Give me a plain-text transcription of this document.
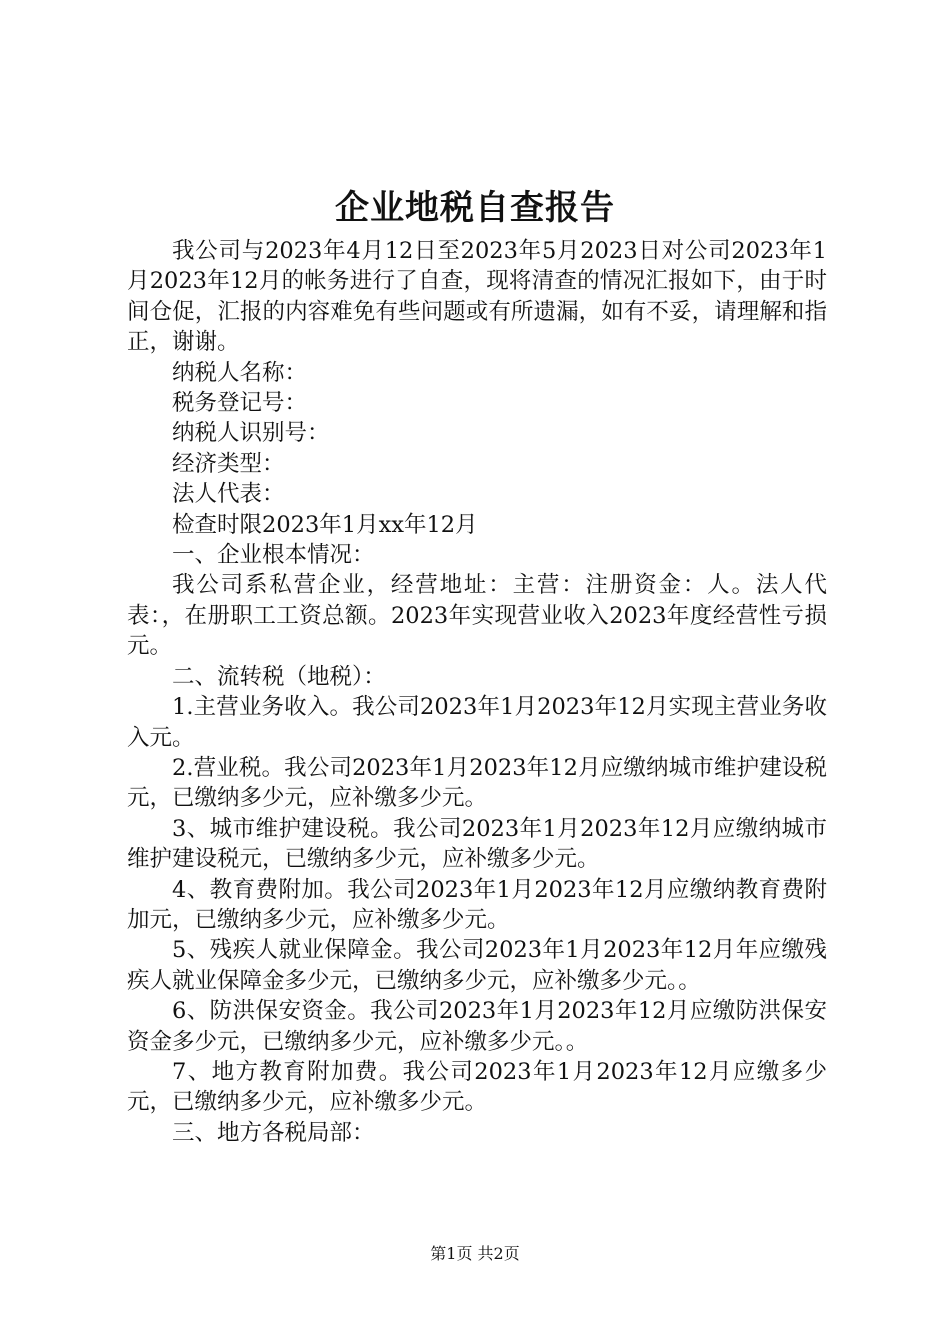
企业地税自查报告

我公司与2023年4月12日至2023年5月2023日对公司2023年1月2023年12月的帐务进行了自查，现将清查的情况汇报如下，由于时间仓促，汇报的内容难免有些问题或有所遗漏，如有不妥，请理解和指正，谢谢。

纳税人名称：

税务登记号：

纳税人识别号：

经济类型：

法人代表：

检查时限2023年1月xx年12月

一、企业根本情况：

我公司系私营企业，经营地址：主营：注册资金：人。法人代表：，在册职工工资总额。2023年实现营业收入2023年度经营性亏损元。

二、流转税（地税）：

1.主营业务收入。我公司2023年1月2023年12月实现主营业务收入元。

2.营业税。我公司2023年1月2023年12月应缴纳城市维护建设税元，已缴纳多少元，应补缴多少元。

3、城市维护建设税。我公司2023年1月2023年12月应缴纳城市维护建设税元，已缴纳多少元，应补缴多少元。

4、教育费附加。我公司2023年1月2023年12月应缴纳教育费附加元，已缴纳多少元，应补缴多少元。

5、残疾人就业保障金。我公司2023年1月2023年12月年应缴残疾人就业保障金多少元，已缴纳多少元，应补缴多少元。。

6、防洪保安资金。我公司2023年1月2023年12月应缴防洪保安资金多少元，已缴纳多少元，应补缴多少元。。

7、地方教育附加费。我公司2023年1月2023年12月应缴多少元，已缴纳多少元，应补缴多少元。

三、地方各税局部：

第1页 共2页
